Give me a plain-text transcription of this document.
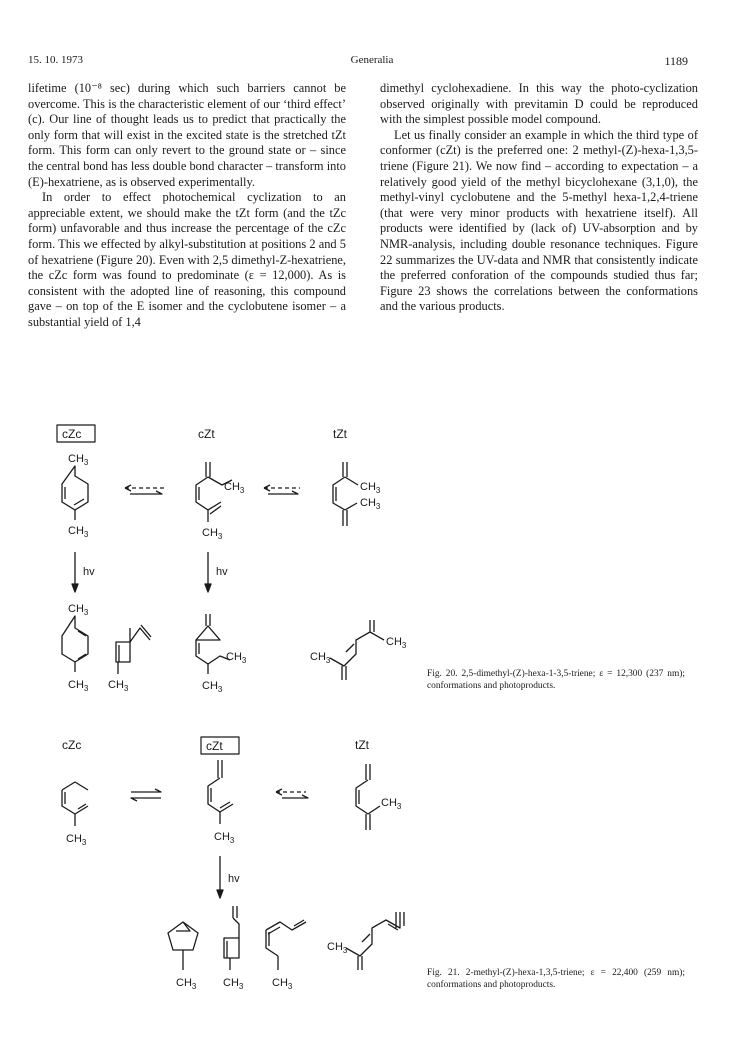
15. 10. 1973	Generalia	1189

lifetime (10⁻⁸ sec) during which such barriers cannot be overcome. This is the characteristic element of our ‘third effect’ (c). Our line of thought leads us to predict that practically the only form that will exist in the excited state is the stretched tZt form. This form can only revert to the ground state or – since the central bond has less double bond character – transform into (E)-hexatriene, as is observed experimentally.

In order to effect photochemical cyclization to an appreciable extent, we should make the tZt form (and the tZc form) unfavorable and thus increase the percentage of the cZc form. This we effected by alkyl-substitution at positions 2 and 5 of hexatriene (Figure 20). Even with 2,5 dimethyl-Z-hexatriene, the cZc form was found to predominate (ε = 12,000). As is consistent with the adopted line of reasoning, this compound gave – on top of the E isomer and the cyclobutene isomer – a substantial yield of 1,4

dimethyl cyclohexadiene. In this way the photo-cyclization observed originally with previtamin D could be reproduced with the simplest possible model compound.

Let us finally consider an example in which the third type of conformer (cZt) is the preferred one: 2 methyl-(Z)-hexa-1,3,5-triene (Figure 21). We now find – according to expectation – a relatively good yield of the methyl bicyclohexane (3,1,0), the methyl-vinyl cyclobutene and the 5-methyl hexa-1,2,4-triene (that were very minor products with hexatriene itself). All products were identified by (lack of) UV-absorption and by NMR-analysis, including double resonance techniques. Figure 22 summarizes the UV-data and NMR that consistently indicate the preferred conforation of the compounds studied thus far; Figure 23 shows the correlations between the conformations and the various products.

cZc	cZt	tZt
$CH_3$
$CH_3$
$CH_3$
$CH_3$
$CH_3$
$CH_3$
hv	hv
$CH_3$
$CH_3$ $CH_3$
$CH_3$
$CH_3$
$CH_3$
$CH_3$
Fig. 20. 2,5-dimethyl-(Z)-hexa-1-3,5-triene; ε = 12,300 (237 nm); conformations and photoproducts.
cZc	cZt	tZt
$CH_3$	$CH_3$
$CH_3$
hv
$CH_3$ $CH_3$	$CH_3$
$CH_3$
Fig. 21. 2-methyl-(Z)-hexa-1,3,5-triene; ε = 22,400 (259 nm); conformations and photoproducts.
